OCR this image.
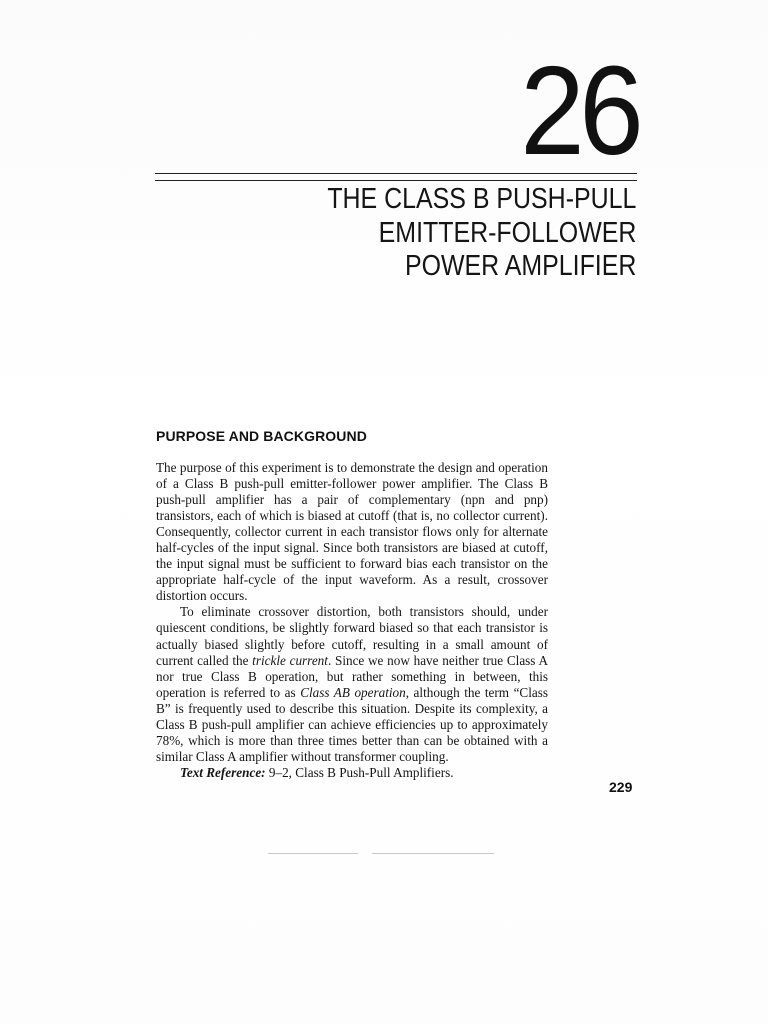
26
THE CLASS B PUSH-PULL
EMITTER-FOLLOWER
POWER AMPLIFIER
PURPOSE AND BACKGROUND

The purpose of this experiment is to demonstrate the design and operation of a Class B push-pull emitter-follower power amplifier. The Class B push-pull amplifier has a pair of complementary (npn and pnp) transistors, each of which is biased at cutoff (that is, no collector current). Consequently, collector current in each transistor flows only for alternate half-cycles of the input signal. Since both transistors are biased at cutoff, the input signal must be sufficient to forward bias each transistor on the appropriate half-cycle of the input waveform. As a result, crossover distortion occurs.

To eliminate crossover distortion, both transistors should, under quiescent conditions, be slightly forward biased so that each transistor is actually biased slightly before cutoff, resulting in a small amount of current called the trickle current. Since we now have neither true Class A nor true Class B operation, but rather something in between, this operation is referred to as Class AB operation, although the term “Class B” is frequently used to describe this situation. Despite its complexity, a Class B push-pull amplifier can achieve efficiencies up to approximately 78%, which is more than three times better than can be obtained with a similar Class A amplifier without transformer coupling.

Text Reference: 9–2, Class B Push-Pull Amplifiers.

229
